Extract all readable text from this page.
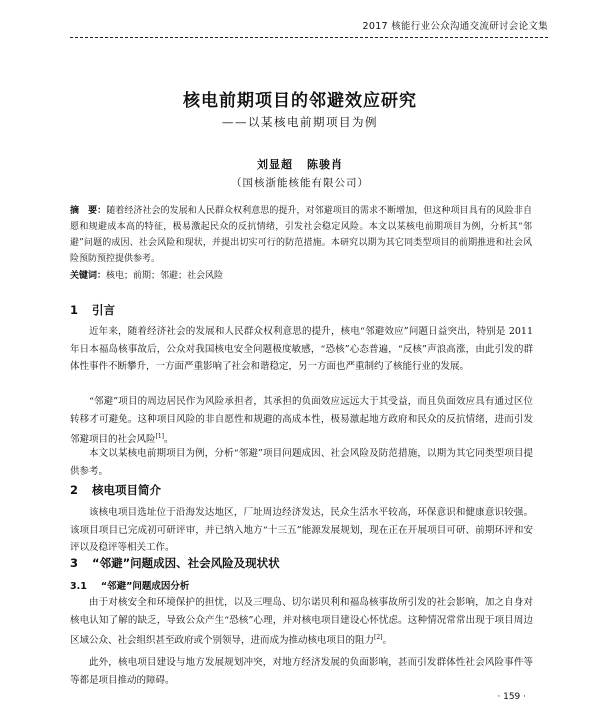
2017 核能行业公众沟通交流研讨会论文集
核电前期项目的邻避效应研究
——以某核电前期项目为例
刘显超 陈骏肖
（国核浙能核能有限公司）
摘　要：随着经济社会的发展和人民群众权利意思的提升，对邻避项目的需求不断增加，但这种项目具有的风险非自愿和规避成本高的特征，极易激起民众的反抗情绪，引发社会稳定风险。本文以某核电前期项目为例，分析其“邻避”问题的成因、社会风险和现状，并提出切实可行的防范措施。本研究以期为其它同类型项目的前期推进和社会风险预防预控提供参考。
关键词：核电；前期；邻避；社会风险
1 引言

近年来，随着经济社会的发展和人民群众权利意思的提升，核电“邻避效应”问题日益突出，特别是 2011 年日本福岛核事故后，公众对我国核电安全问题极度敏感，“恐核”心态普遍，“反核”声浪高涨，由此引发的群体性事件不断攀升，一方面严重影响了社会和谐稳定，另一方面也严重制约了核能行业的发展。

“邻避”项目的周边居民作为风险承担者，其承担的负面效应远远大于其受益，而且负面效应具有通过区位转移才可避免。这种项目风险的非自愿性和规避的高成本性，极易激起地方政府和民众的反抗情绪，进而引发邻避项目的社会风险[1]。

本文以某核电前期项目为例，分析“邻避”项目问题成因、社会风险及防范措施，以期为其它同类型项目提供参考。

2 核电项目简介

该核电项目选址位于沿海发达地区，厂址周边经济发达，民众生活水平较高，环保意识和健康意识较强。该项目项目已完成初可研评审，并已纳入地方“十三五”能源发展规划，现在正在开展项目可研、前期环评和安评以及稳评等相关工作。

3 “邻避”问题成因、社会风险及现状状
3.1 “邻避”问题成因分析

由于对核安全和环境保护的担忧，以及三哩岛、切尔诺贝利和福岛核事故所引发的社会影响，加之自身对核电认知了解的缺乏，导致公众产生“恐核”心理，并对核电项目建设心怀忧虑。这种情况常常出现于项目周边区域公众、社会组织甚至政府或个别领导，进而成为推动核电项目的阻力[2]。

此外，核电项目建设与地方发展规划冲突，对地方经济发展的负面影响，甚而引发群体性社会风险事件等等都是项目推动的障碍。

· 159 ·
